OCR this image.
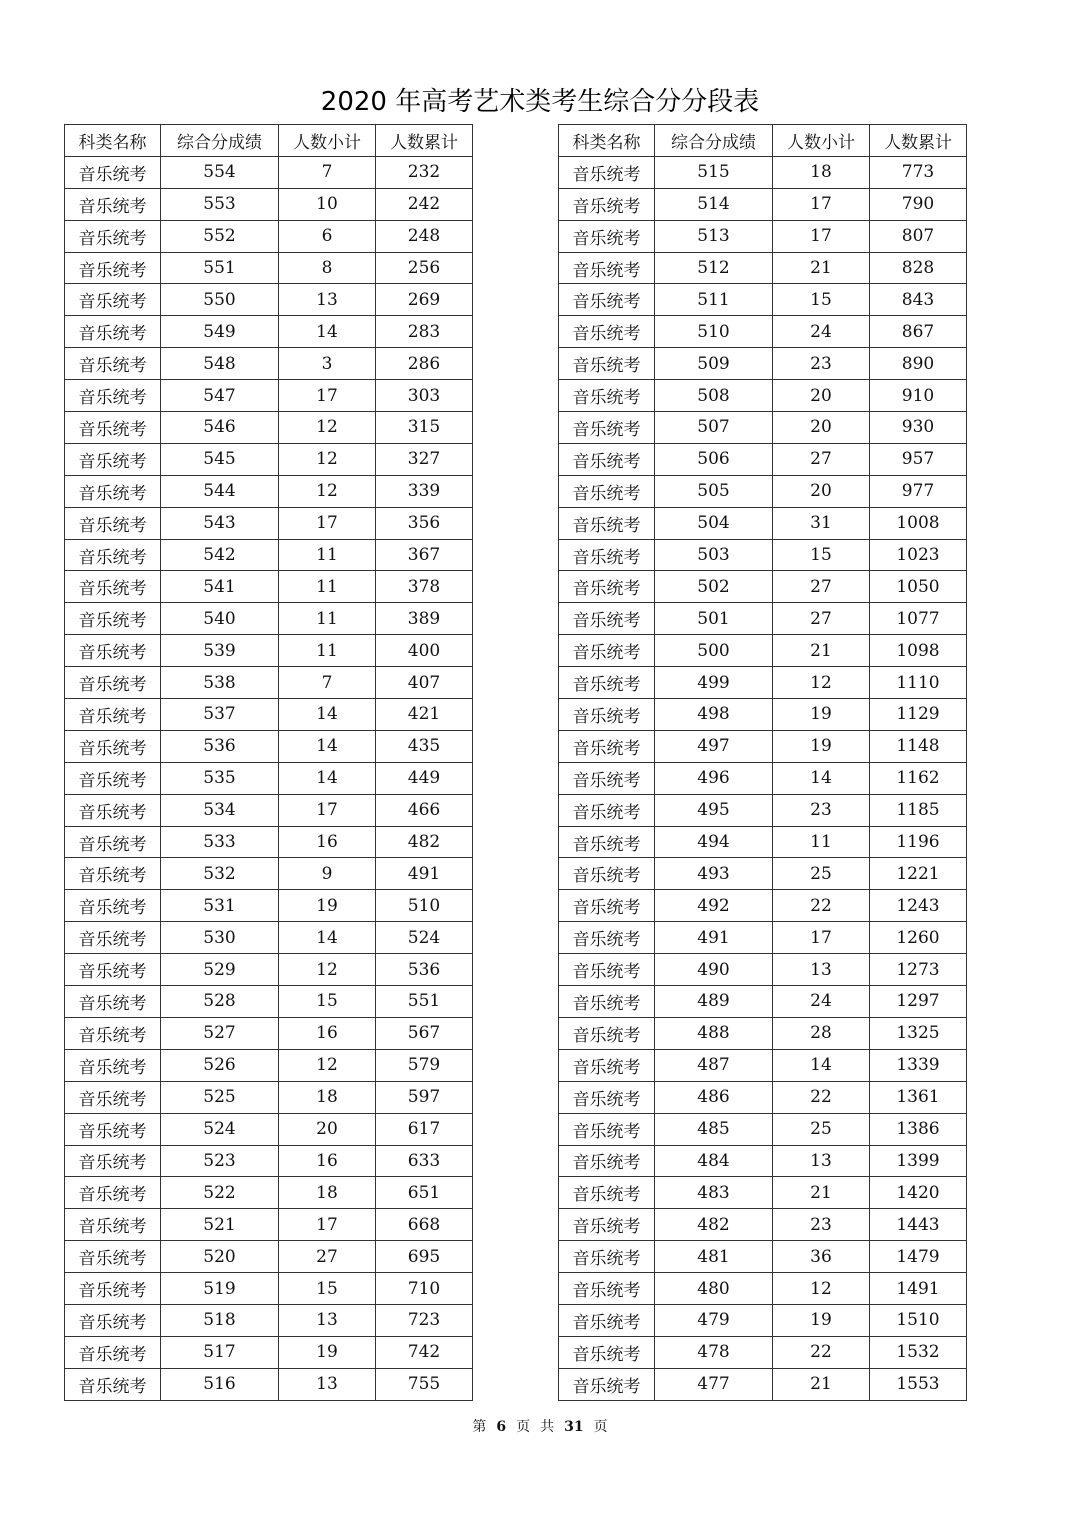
2020 年高考艺术类考生综合分分段表
科类名称	综合分成绩	人数小计	人数累计
音乐统考	554	7	232
音乐统考	553	10	242
音乐统考	552	6	248
音乐统考	551	8	256
音乐统考	550	13	269
音乐统考	549	14	283
音乐统考	548	3	286
音乐统考	547	17	303
音乐统考	546	12	315
音乐统考	545	12	327
音乐统考	544	12	339
音乐统考	543	17	356
音乐统考	542	11	367
音乐统考	541	11	378
音乐统考	540	11	389
音乐统考	539	11	400
音乐统考	538	7	407
音乐统考	537	14	421
音乐统考	536	14	435
音乐统考	535	14	449
音乐统考	534	17	466
音乐统考	533	16	482
音乐统考	532	9	491
音乐统考	531	19	510
音乐统考	530	14	524
音乐统考	529	12	536
音乐统考	528	15	551
音乐统考	527	16	567
音乐统考	526	12	579
音乐统考	525	18	597
音乐统考	524	20	617
音乐统考	523	16	633
音乐统考	522	18	651
音乐统考	521	17	668
音乐统考	520	27	695
音乐统考	519	15	710
音乐统考	518	13	723
音乐统考	517	19	742
音乐统考	516	13	755
科类名称	综合分成绩	人数小计	人数累计
音乐统考	515	18	773
音乐统考	514	17	790
音乐统考	513	17	807
音乐统考	512	21	828
音乐统考	511	15	843
音乐统考	510	24	867
音乐统考	509	23	890
音乐统考	508	20	910
音乐统考	507	20	930
音乐统考	506	27	957
音乐统考	505	20	977
音乐统考	504	31	1008
音乐统考	503	15	1023
音乐统考	502	27	1050
音乐统考	501	27	1077
音乐统考	500	21	1098
音乐统考	499	12	1110
音乐统考	498	19	1129
音乐统考	497	19	1148
音乐统考	496	14	1162
音乐统考	495	23	1185
音乐统考	494	11	1196
音乐统考	493	25	1221
音乐统考	492	22	1243
音乐统考	491	17	1260
音乐统考	490	13	1273
音乐统考	489	24	1297
音乐统考	488	28	1325
音乐统考	487	14	1339
音乐统考	486	22	1361
音乐统考	485	25	1386
音乐统考	484	13	1399
音乐统考	483	21	1420
音乐统考	482	23	1443
音乐统考	481	36	1479
音乐统考	480	12	1491
音乐统考	479	19	1510
音乐统考	478	22	1532
音乐统考	477	21	1553
第 6 页 共 31 页
